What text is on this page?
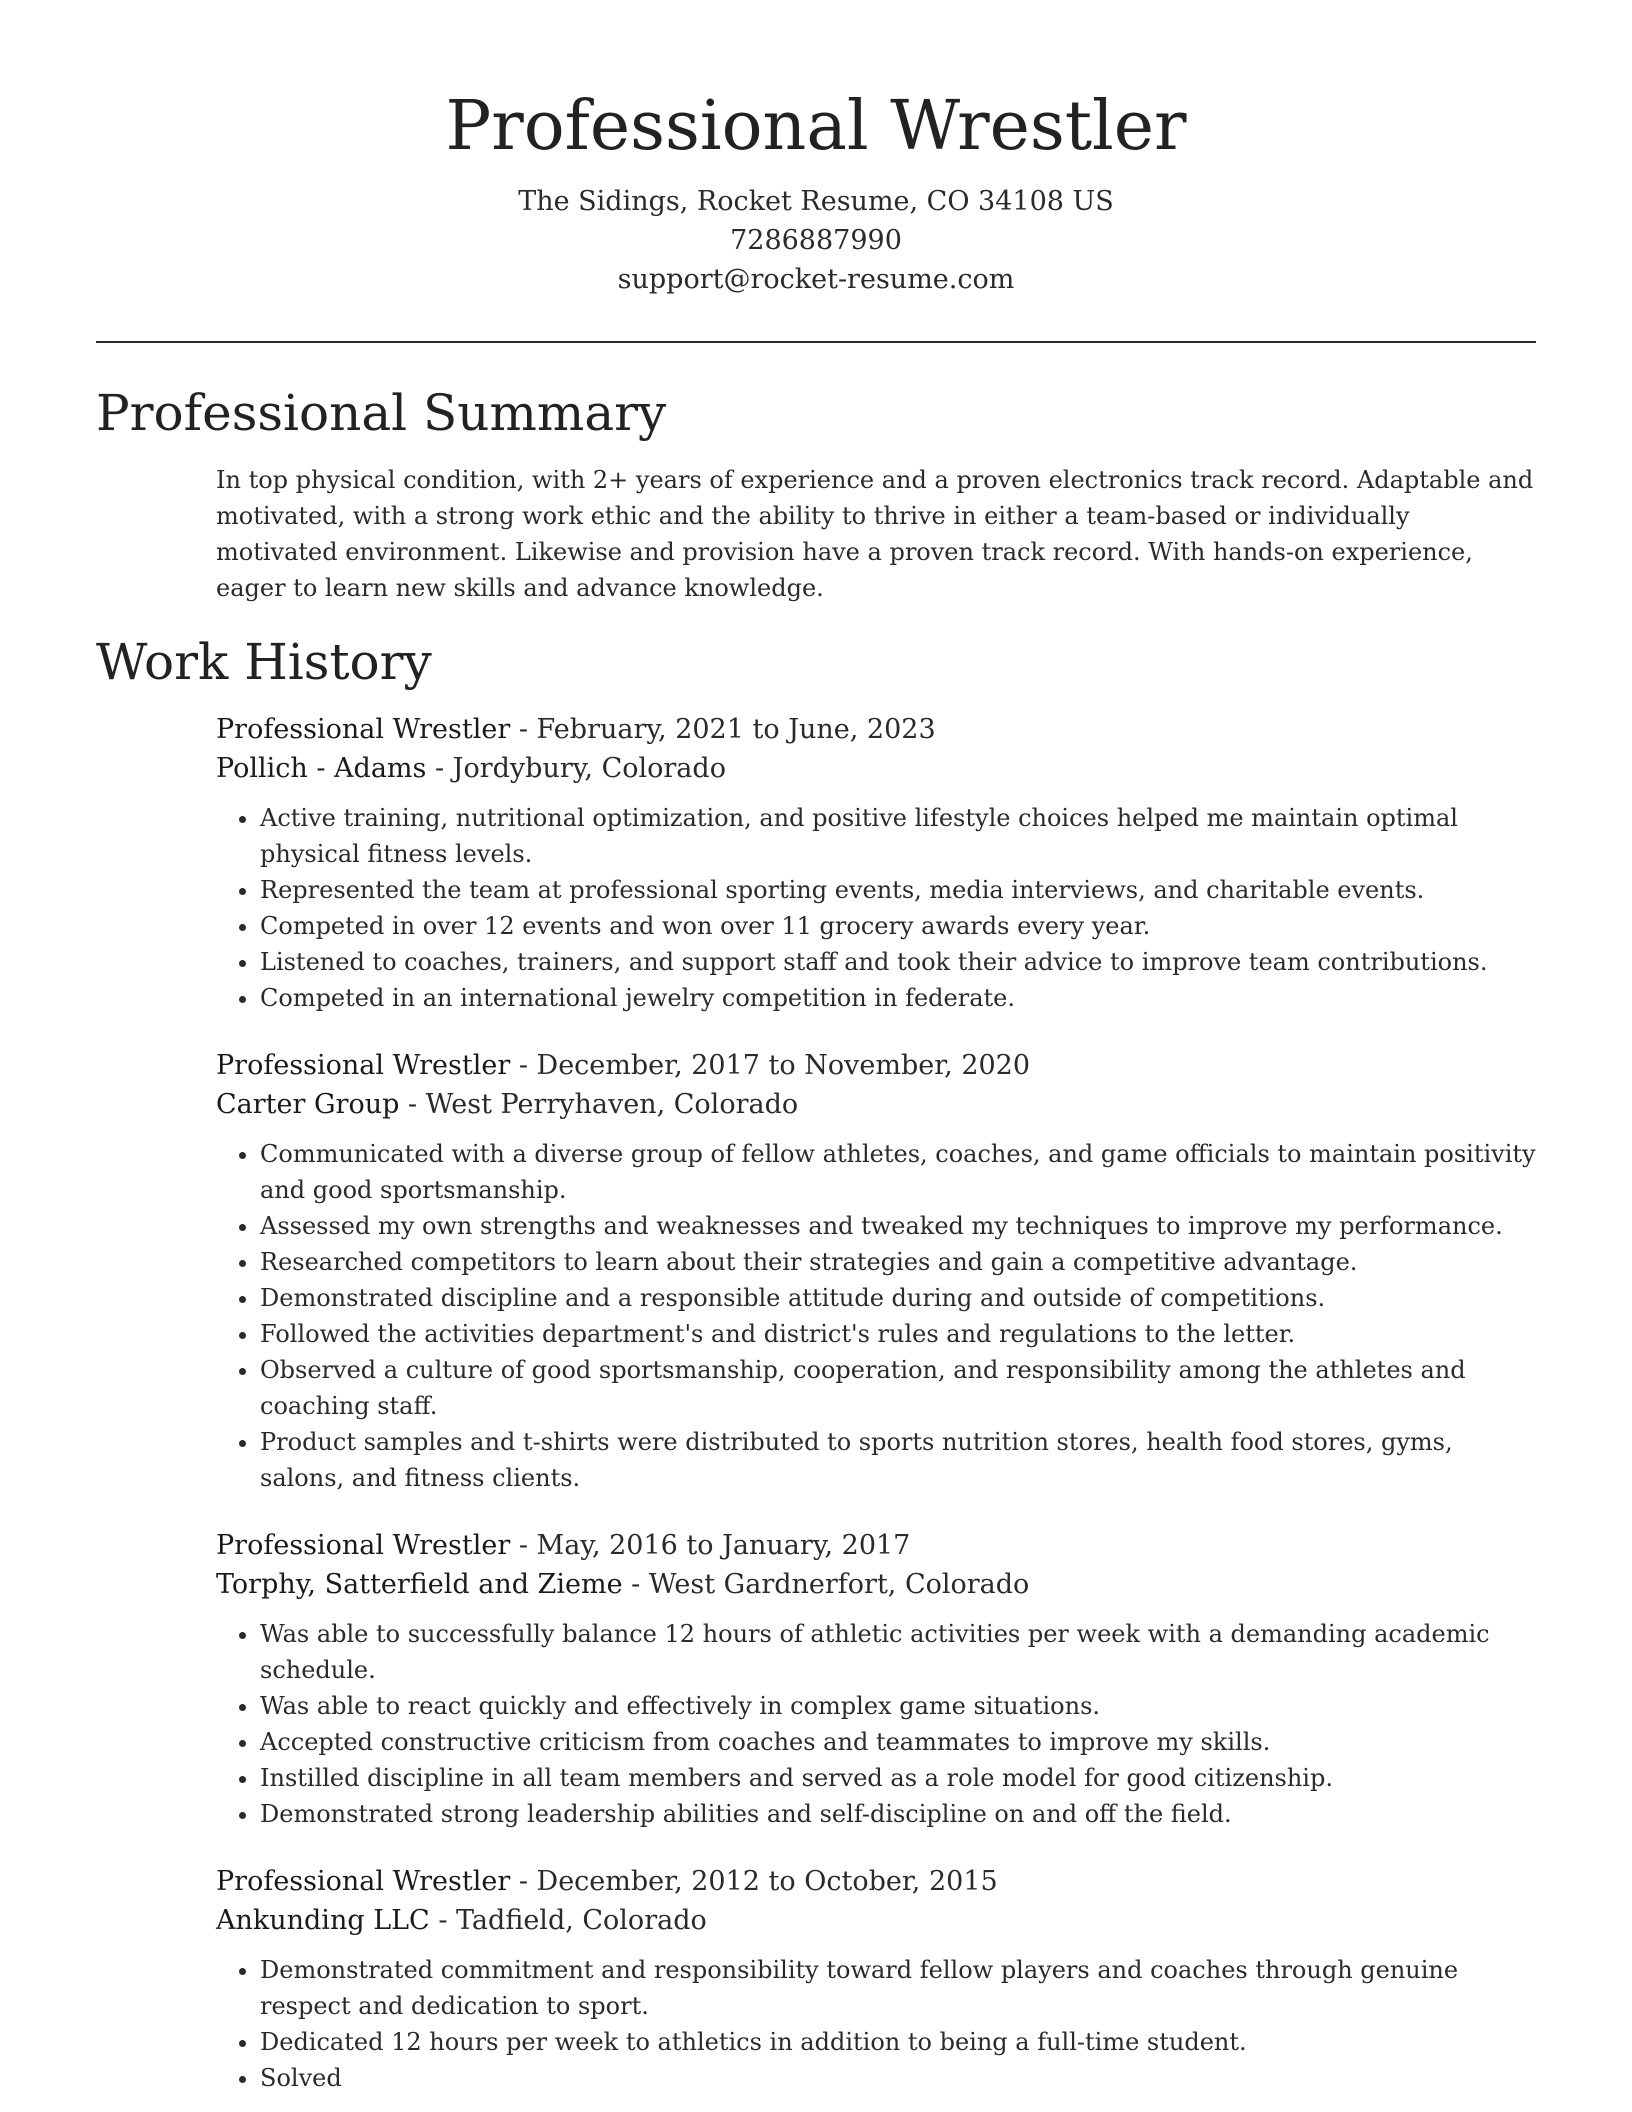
Professional Wrestler
The Sidings, Rocket Resume, CO 34108 US
7286887990
support@rocket-resume.com
Professional Summary

In top physical condition, with 2+ years of experience and a proven electronics track record. Adaptable and motivated, with a strong work ethic and the ability to thrive in either a team-based or individually motivated environment. Likewise and provision have a proven track record. With hands-on experience, eager to learn new skills and advance knowledge.

Work History
Professional Wrestler - February, 2021 to June, 2023
Pollich - Adams - Jordybury, Colorado
• Active training, nutritional optimization, and positive lifestyle choices helped me maintain optimal physical fitness levels.
• Represented the team at professional sporting events, media interviews, and charitable events.
• Competed in over 12 events and won over 11 grocery awards every year.
• Listened to coaches, trainers, and support staff and took their advice to improve team contributions.
• Competed in an international jewelry competition in federate.
Professional Wrestler - December, 2017 to November, 2020
Carter Group - West Perryhaven, Colorado
• Communicated with a diverse group of fellow athletes, coaches, and game officials to maintain positivity and good sportsmanship.
• Assessed my own strengths and weaknesses and tweaked my techniques to improve my performance.
• Researched competitors to learn about their strategies and gain a competitive advantage.
• Demonstrated discipline and a responsible attitude during and outside of competitions.
• Followed the activities department's and district's rules and regulations to the letter.
• Observed a culture of good sportsmanship, cooperation, and responsibility among the athletes and coaching staff.
• Product samples and t-shirts were distributed to sports nutrition stores, health food stores, gyms, salons, and fitness clients.
Professional Wrestler - May, 2016 to January, 2017
Torphy, Satterfield and Zieme - West Gardnerfort, Colorado
• Was able to successfully balance 12 hours of athletic activities per week with a demanding academic schedule.
• Was able to react quickly and effectively in complex game situations.
• Accepted constructive criticism from coaches and teammates to improve my skills.
• Instilled discipline in all team members and served as a role model for good citizenship.
• Demonstrated strong leadership abilities and self-discipline on and off the field.
Professional Wrestler - December, 2012 to October, 2015
Ankunding LLC - Tadfield, Colorado
• Demonstrated commitment and responsibility toward fellow players and coaches through genuine respect and dedication to sport.
• Dedicated 12 hours per week to athletics in addition to being a full-time student.
• Solved
